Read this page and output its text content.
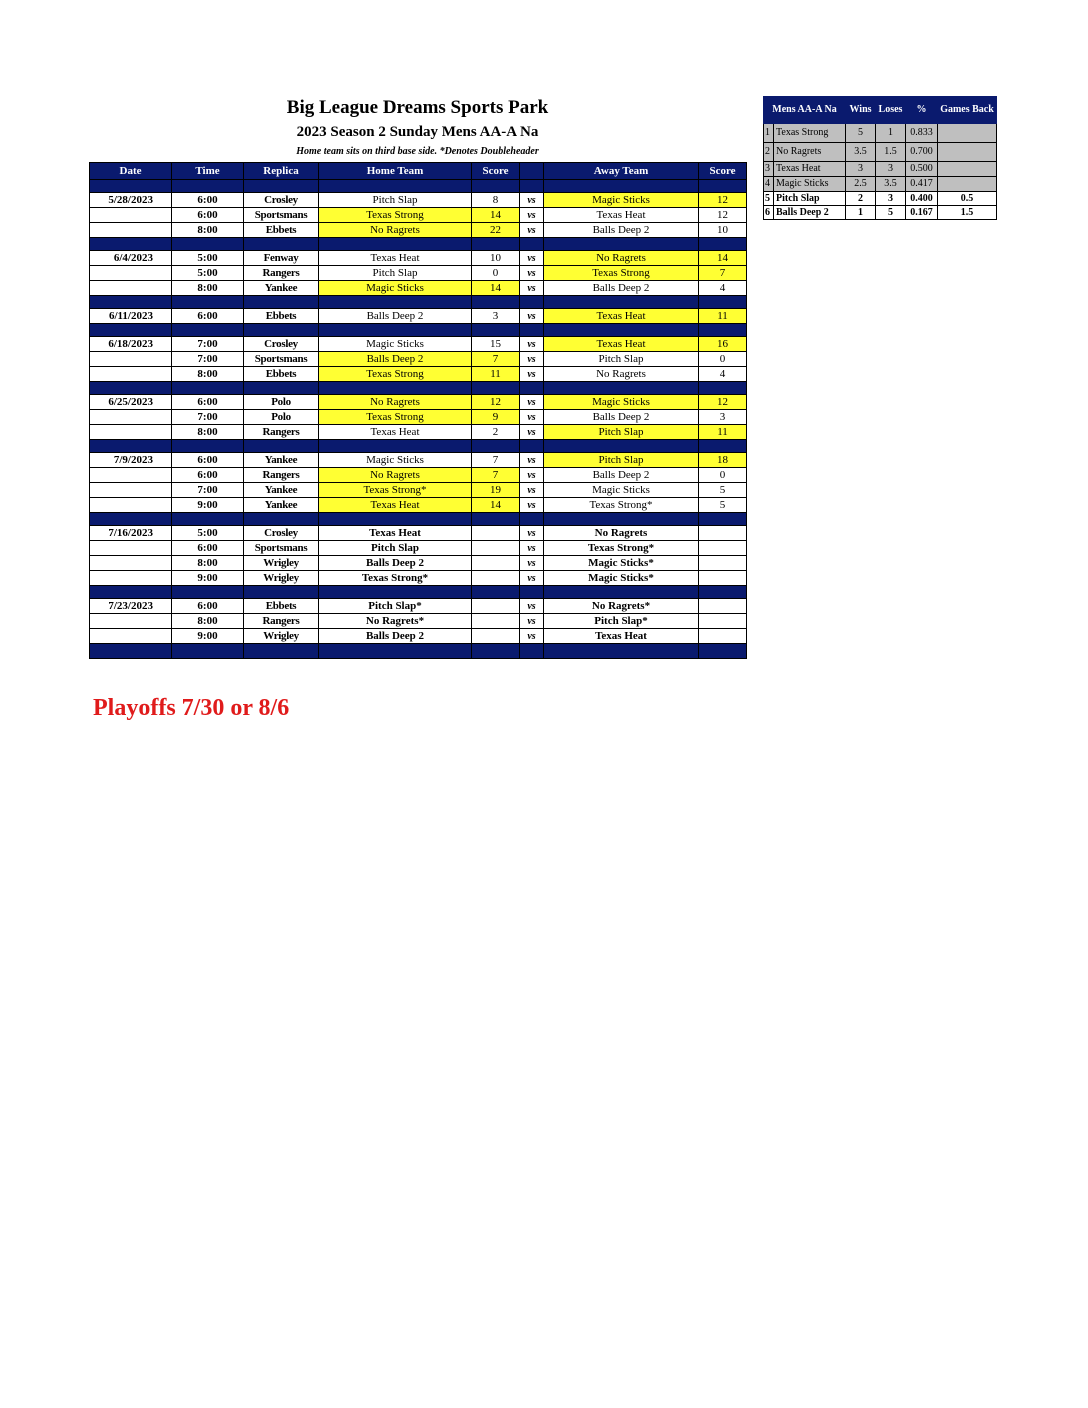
Big League Dreams Sports Park
2023 Season 2 Sunday Mens AA-A Na
Home team sits on third base side. *Denotes Doubleheader
Date	Time	Replica	Home Team	Score		Away Team	Score

5/28/2023	6:00	Crosley	Pitch Slap	8	vs	Magic Sticks	12
	6:00	Sportsmans	Texas Strong	14	vs	Texas Heat	12
	8:00	Ebbets	No Ragrets	22	vs	Balls Deep 2	10

6/4/2023	5:00	Fenway	Texas Heat	10	vs	No Ragrets	14
	5:00	Rangers	Pitch Slap	0	vs	Texas Strong	7
	8:00	Yankee	Magic Sticks	14	vs	Balls Deep 2	4

6/11/2023	6:00	Ebbets	Balls Deep 2	3	vs	Texas Heat	11

6/18/2023	7:00	Crosley	Magic Sticks	15	vs	Texas Heat	16
	7:00	Sportsmans	Balls Deep 2	7	vs	Pitch Slap	0
	8:00	Ebbets	Texas Strong	11	vs	No Ragrets	4

6/25/2023	6:00	Polo	No Ragrets	12	vs	Magic Sticks	12
	7:00	Polo	Texas Strong	9	vs	Balls Deep 2	3
	8:00	Rangers	Texas Heat	2	vs	Pitch Slap	11

7/9/2023	6:00	Yankee	Magic Sticks	7	vs	Pitch Slap	18
	6:00	Rangers	No Ragrets	7	vs	Balls Deep 2	0
	7:00	Yankee	Texas Strong*	19	vs	Magic Sticks	5
	9:00	Yankee	Texas Heat	14	vs	Texas Strong*	5

7/16/2023	5:00	Crosley	Texas Heat		vs	No Ragrets	
	6:00	Sportsmans	Pitch Slap		vs	Texas Strong*	
	8:00	Wrigley	Balls Deep 2		vs	Magic Sticks*	
	9:00	Wrigley	Texas Strong*		vs	Magic Sticks*	

7/23/2023	6:00	Ebbets	Pitch Slap*		vs	No Ragrets*	
	8:00	Rangers	No Ragrets*		vs	Pitch Slap*	
	9:00	Wrigley	Balls Deep 2		vs	Texas Heat	

Playoffs 7/30 or 8/6
Mens AA-A Na		Wins	Loses	%	Games Back
1	Texas Strong	5	1	0.833	
2	No Ragrets	3.5	1.5	0.700	
3	Texas Heat	3	3	0.500	
4	Magic Sticks	2.5	3.5	0.417	
5	Pitch Slap	2	3	0.400	0.5
6	Balls Deep 2	1	5	0.167	1.5
